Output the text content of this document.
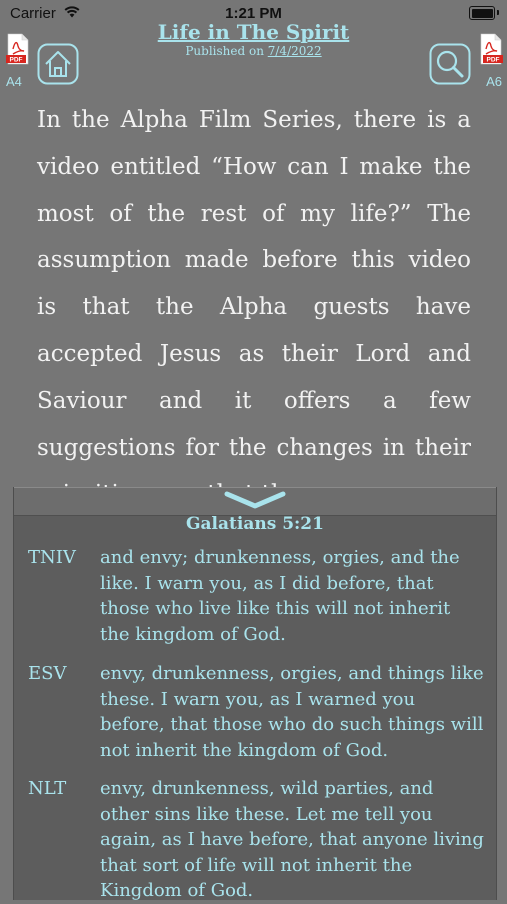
Carrier	1:21 PM
PDF
A4
PDF
A6
Life in The Spirit
Published on 7/4/2022
In the Alpha Film Series, there is a video entitled “How can I make the most of the rest of my life?” The assumption made before this video is that the Alpha guests have accepted Jesus as their Lord and Saviour and it offers a few suggestions for the changes in their
Galatians 5:21
TNIV and envy; drunkenness, orgies, and the like. I warn you, as I did before, that those who live like this will not inherit the kingdom of God.
ESV envy, drunkenness, orgies, and things like these. I warn you, as I warned you before, that those who do such things will not inherit the kingdom of God.
NLT envy, drunkenness, wild parties, and other sins like these. Let me tell you again, as I have before, that anyone living that sort of life will not inherit the Kingdom of God.
